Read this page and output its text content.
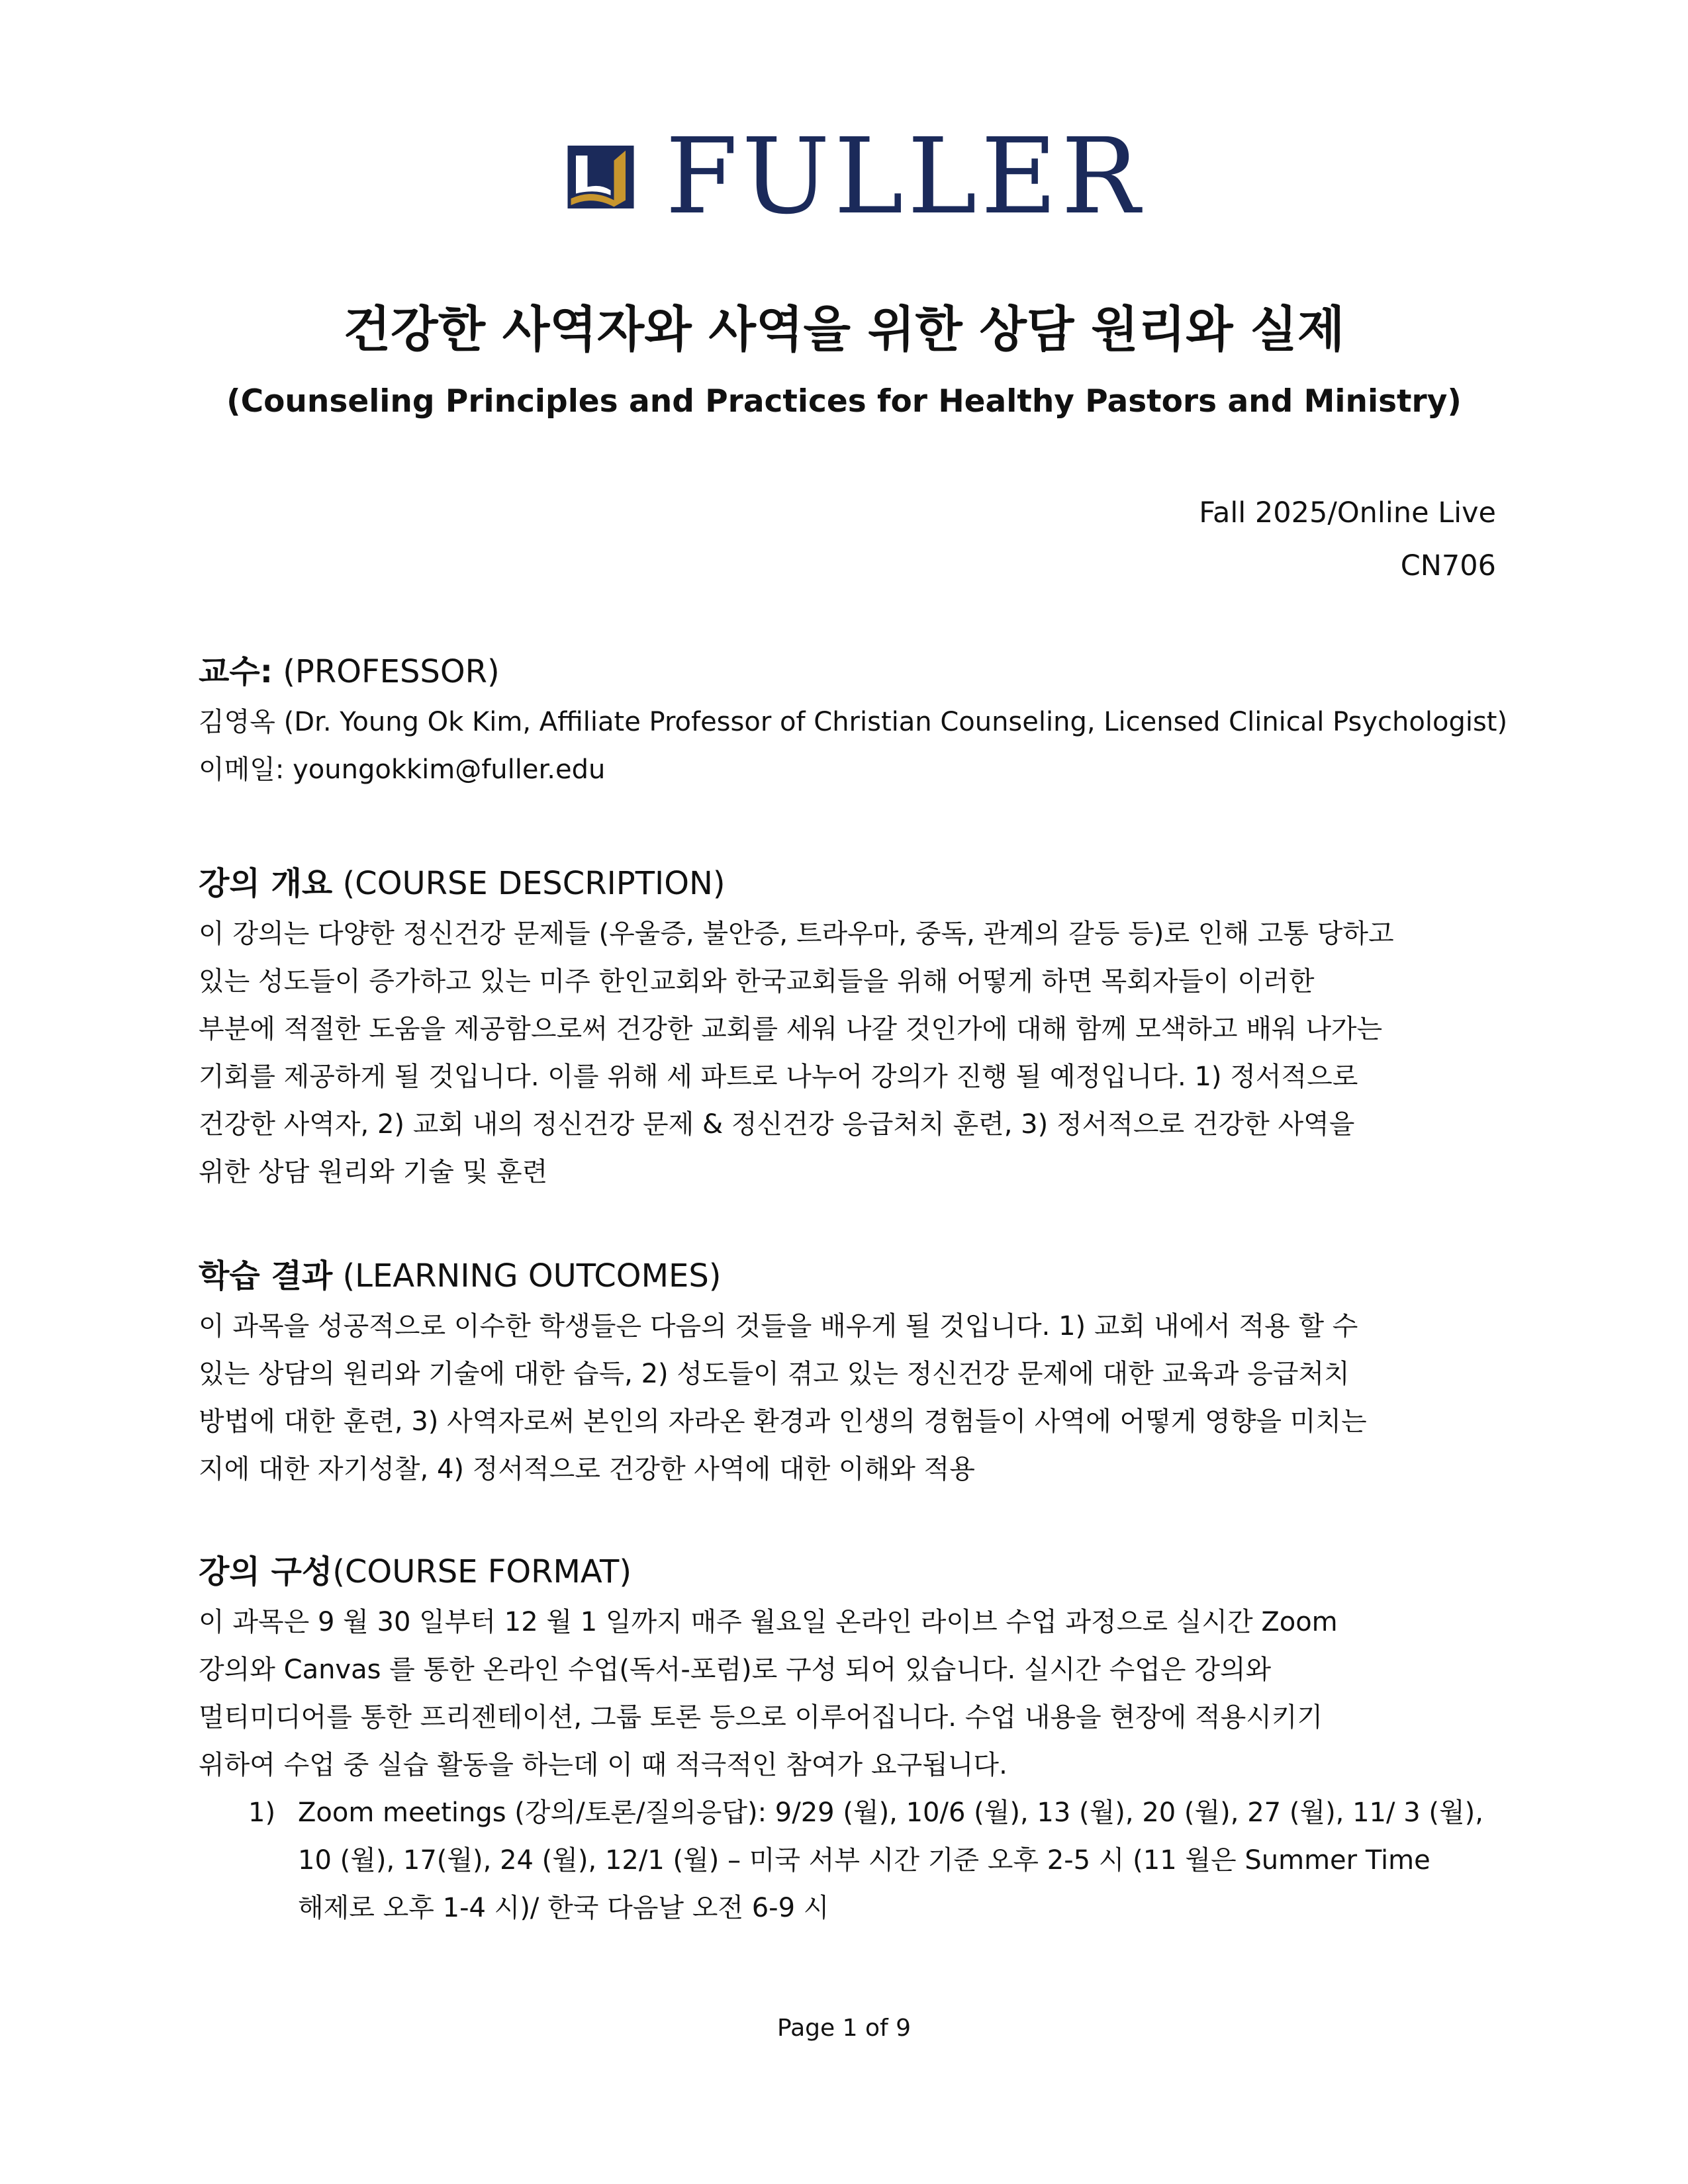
FULLER
건강한 사역자와 사역을 위한 상담 원리와 실제
(Counseling Principles and Practices for Healthy Pastors and Ministry)
Fall 2025/Online Live
CN706
교수: (PROFESSOR)

김영옥 (Dr. Young Ok Kim, Affiliate Professor of Christian Counseling, Licensed Clinical Psychologist)

이메일: youngokkim@fuller.edu

강의 개요 (COURSE DESCRIPTION)

이 강의는 다양한 정신건강 문제들 (우울증, 불안증, 트라우마, 중독, 관계의 갈등 등)로 인해 고통 당하고

있는 성도들이 증가하고 있는 미주 한인교회와 한국교회들을 위해 어떻게 하면 목회자들이 이러한

부분에 적절한 도움을 제공함으로써 건강한 교회를 세워 나갈 것인가에 대해 함께 모색하고 배워 나가는

기회를 제공하게 될 것입니다. 이를 위해 세 파트로 나누어 강의가 진행 될 예정입니다. 1) 정서적으로

건강한 사역자, 2) 교회 내의 정신건강 문제 & 정신건강 응급처치 훈련, 3) 정서적으로 건강한 사역을

위한 상담 원리와 기술 및 훈련

학습 결과 (LEARNING OUTCOMES)

이 과목을 성공적으로 이수한 학생들은 다음의 것들을 배우게 될 것입니다. 1) 교회 내에서 적용 할 수

있는 상담의 원리와 기술에 대한 습득, 2) 성도들이 겪고 있는 정신건강 문제에 대한 교육과 응급처치

방법에 대한 훈련, 3) 사역자로써 본인의 자라온 환경과 인생의 경험들이 사역에 어떻게 영향을 미치는

지에 대한 자기성찰, 4) 정서적으로 건강한 사역에 대한 이해와 적용

강의 구성(COURSE FORMAT)

이 과목은 9 월 30 일부터 12 월 1 일까지 매주 월요일 온라인 라이브 수업 과정으로 실시간 Zoom

강의와 Canvas 를 통한 온라인 수업(독서-포럼)로 구성 되어 있습니다. 실시간 수업은 강의와

멀티미디어를 통한 프리젠테이션, 그룹 토론 등으로 이루어집니다. 수업 내용을 현장에 적용시키기

위하여 수업 중 실습 활동을 하는데 이 때 적극적인 참여가 요구됩니다.

1) Zoom meetings (강의/토론/질의응답): 9/29 (월), 10/6 (월), 13 (월), 20 (월), 27 (월), 11/ 3 (월),

10 (월), 17(월), 24 (월), 12/1 (월) – 미국 서부 시간 기준 오후 2-5 시 (11 월은 Summer Time

해제로 오후 1-4 시)/ 한국 다음날 오전 6-9 시

Page 1 of 9
